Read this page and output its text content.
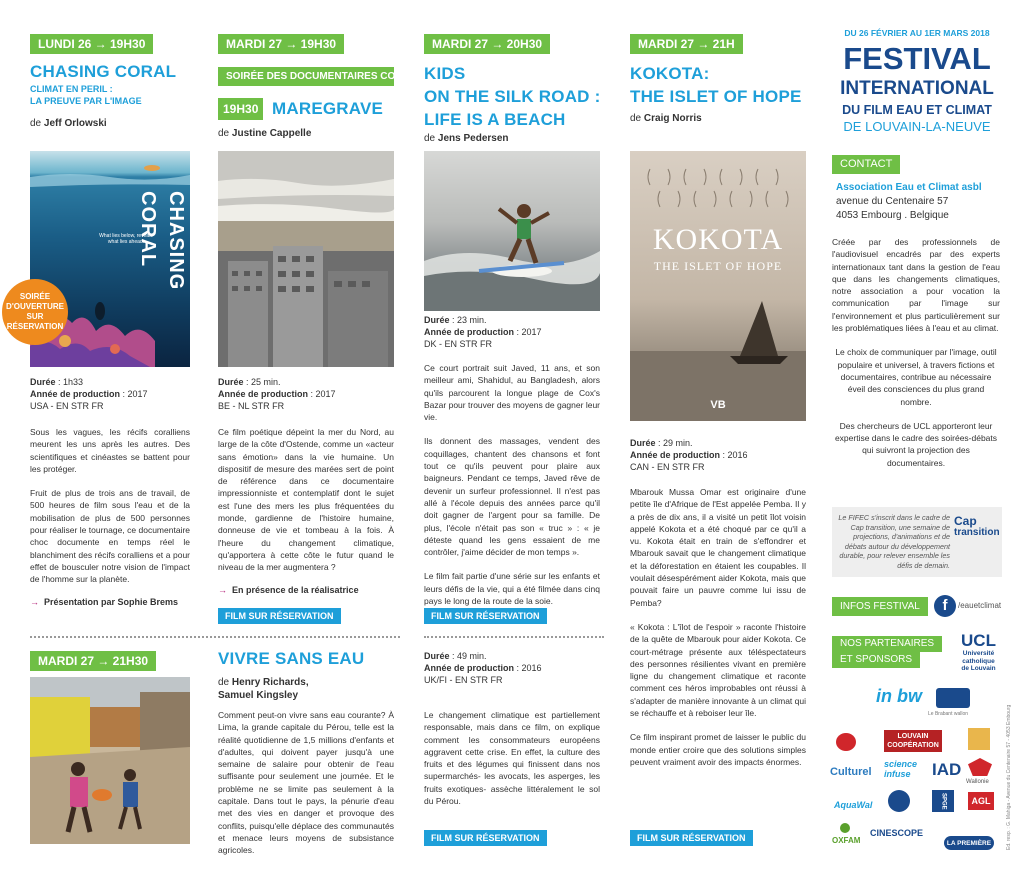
LUNDI 26 → 19H30
CHASING CORAL
CLIMAT EN PERIL :
LA PREUVE PAR L'IMAGE
de Jeff Orlowski
CHASING CORAL
What lies below, reveals what lies ahead.
SOIRÉE
D'OUVERTURE
SUR
RÉSERVATION
Durée : 1h33
Année de production : 2017
USA - EN STR FR

Sous les vagues, les récifs coralliens meurent les uns après les autres. Des scientifiques et cinéastes se battent pour les protéger.

Fruit de plus de trois ans de travail, de 500 heures de film sous l'eau et de la mobilisation de plus de 500 personnes pour réaliser le tournage, ce documentaire choc documente en temps réel le blanchiment des récifs coralliens et a pour effet de bousculer notre vision de l'impact de l'homme sur la planète.

→ Présentation par Sophie Brems
MARDI 27 → 19H30
SOIRÉE DES DOCUMENTAIRES COURTS
19H30 MAREGRAVE
de Justine Cappelle
Durée : 25 min.
Année de production : 2017
BE - NL STR FR

Ce film poétique dépeint la mer du Nord, au large de la côte d'Ostende, comme un «acteur sans émotion» dans la vie humaine. Un dispositif de mesure des marées sert de point de référence dans ce documentaire impressionniste et contemplatif dont le sujet est l'une des mers les plus fréquentées du monde, gardienne de l'histoire humaine, donneuse de vie et tombeau à la fois. À l'heure du changement climatique, qu'apportera à cette côte le futur quand le niveau de la mer augmentera ?

→ En présence de la réalisatrice
FILM SUR RÉSERVATION
MARDI 27 → 20H30
KIDS
ON THE SILK ROAD :
LIFE IS A BEACH
de Jens Pedersen
Durée : 23 min.
Année de production : 2017
DK - EN STR FR

Ce court portrait suit Javed, 11 ans, et son meilleur ami, Shahidul, au Bangladesh, alors qu'ils parcourent la longue plage de Cox's Bazar pour trouver des moyens de gagner leur vie.

Ils donnent des massages, vendent des coquillages, chantent des chansons et font tout ce qu'ils peuvent pour plaire aux baigneurs. Pendant ce temps, Javed rêve de devenir un surfeur professionnel. Il n'est pas allé à l'école depuis des années parce qu'il doit gagner de l'argent pour sa famille. De plus, l'école n'était pas son « truc » : « je déteste quand les gens essaient de me contrôler, j'aime décider de mon temps ».

Le film fait partie d'une série sur les enfants et leurs défis de la vie, qui a été filmée dans cinq pays le long de la route de la soie.

FILM SUR RÉSERVATION
MARDI 27 → 21H
KOKOTA:
THE ISLET OF HOPE
de Craig Norris
KOKOTA
THE ISLET OF HOPE
VB
Durée : 29 min.
Année de production : 2016
CAN - EN STR FR

Mbarouk Mussa Omar est originaire d'une petite île d'Afrique de l'Est appelée Pemba. Il y a près de dix ans, il a visité un petit îlot voisin appelé Kokota et a été choqué par ce qu'il a vu. Kokota était en train de s'effondrer et Mbarouk savait que le changement climatique et la déforestation en étaient les coupables. Il voulait désespérément aider Kokota, mais que pouvait faire un pauvre comme lui issu de Pemba?

« Kokota : L'îlot de l'espoir » raconte l'histoire de la quête de Mbarouk pour aider Kokota. Ce court-métrage présente aux téléspectateurs des personnes résilientes vivant en première ligne du changement climatique et raconte comment ces héros improbables ont réussi à s'adapter de manière innovante à un climat qui se réchauffe et à reboiser leur île.

Ce film inspirant promet de laisser le public du monde entier croire que des solutions simples peuvent vraiment avoir des impacts énormes.

FILM SUR RÉSERVATION
MARDI 27 → 21H30	VIVRE SANS EAU
de Henry Richards,
Samuel Kingsley

Comment peut-on vivre sans eau courante? À Lima, la grande capitale du Pérou, telle est la réalité quotidienne de 1,5 millions d'enfants et d'adultes, qui doivent payer jusqu'à une semaine de salaire pour obtenir de l'eau suffisante pour seulement une journée. Et le problème ne se limite pas seulement à la capitale. Dans tout le pays, la pénurie d'eau met des vies en danger et provoque des conflits, puisqu'elle déplace des communautés et menace leurs moyens de subsistance agricoles.

Durée : 49 min.
Année de production : 2016
UK/FI - EN STR FR

Le changement climatique est partiellement responsable, mais dans ce film, on explique comment les consommateurs européens aggravent cette crise. En effet, la culture des fruits et des légumes qui finissent dans nos supermarchés- les avocats, les asperges, les fruits exotiques- assèche littéralement le sol du Pérou.

FILM SUR RÉSERVATION
DU 26 FÉVRIER AU 1ER MARS 2018
FESTIVAL
INTERNATIONAL
DU FILM EAU ET CLIMAT
DE LOUVAIN-LA-NEUVE
CONTACT
Association Eau et Climat asbl
avenue du Centenaire 57
4053 Embourg . Belgique

Créée par des professionnels de l'audiovisuel encadrés par des experts internationaux tant dans la gestion de l'eau que dans les changements climatiques, notre association a pour vocation la communication par l'image sur l'environnement et plus particulièrement sur les problématiques liées à l'eau et au climat.

Le choix de communiquer par l'image, outil populaire et universel, à travers fictions et documentaires, contribue au nécessaire éveil des consciences du plus grand nombre.

Des chercheurs de UCL apporteront leur expertise dans le cadre des soirées-débats qui suivront la projection des documentaires.

Le FIFEC s'inscrit dans le cadre de Cap transition, une semaine de projections, d'animations et de débats autour du développement durable, pour relever ensemble les défis de demain.
Cap
transition
INFOS FESTIVAL	f	/eauetclimat
NOS PARTENAIRES
ET SPONSORS
UCL
Université
catholique
de Louvain
in bw
Le Brabant wallon
LOUVAIN COOPÉRATION
Culturel
science infuse	IAD
Wallonie
AquaWal	SPGE	AGL
OXFAM
CINESCOPE
LA PREMIÈRE	Ed. resp. : G. Mahiga - Avenue du Centenaire 57 - 4053 Embourg
